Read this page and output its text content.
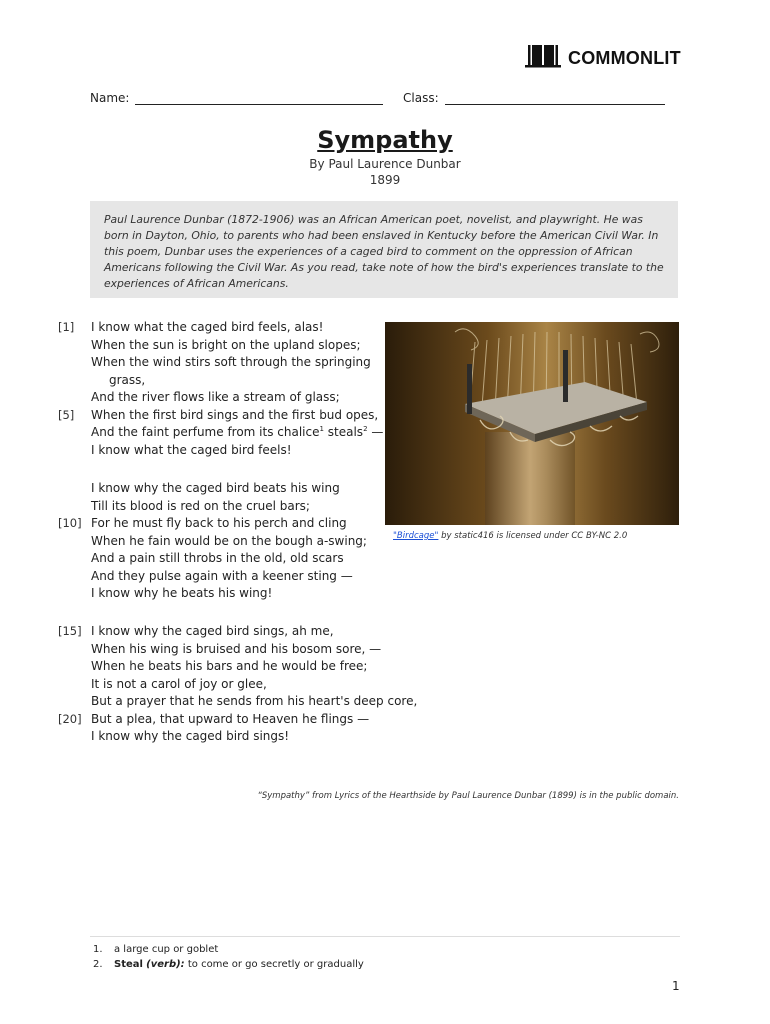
COMMONLIT
Name:	Class:
Sympathy
By Paul Laurence Dunbar
1899
Paul Laurence Dunbar (1872-1906) was an African American poet, novelist, and playwright. He was born in Dayton, Ohio, to parents who had been enslaved in Kentucky before the American Civil War. In this poem, Dunbar uses the experiences of a caged bird to comment on the oppression of African Americans following the Civil War. As you read, take note of how the bird's experiences translate to the experiences of African Americans.
[1] I know what the caged bird feels, alas!
When the sun is bright on the upland slopes;
When the wind stirs soft through the springing
grass,
And the river flows like a stream of glass;
[5] When the first bird sings and the first bud opes,
And the faint perfume from its chalice$^1$ steals$^2$ —
I know what the caged bird feels!
I know why the caged bird beats his wing
Till its blood is red on the cruel bars;
[10] For he must fly back to his perch and cling
When he fain would be on the bough a-swing;
And a pain still throbs in the old, old scars
And they pulse again with a keener sting —
I know why he beats his wing!
[15] I know why the caged bird sings, ah me,
When his wing is bruised and his bosom sore, —
When he beats his bars and he would be free;
It is not a carol of joy or glee,
But a prayer that he sends from his heart's deep core,
[20] But a plea, that upward to Heaven he flings —
I know why the caged bird sings!
"Birdcage" by static416 is licensed under CC BY-NC 2.0
“Sympathy” from Lyrics of the Hearthside by Paul Laurence Dunbar (1899) is in the public domain.
1. a large cup or goblet
2. Steal (verb): to come or go secretly or gradually
1
